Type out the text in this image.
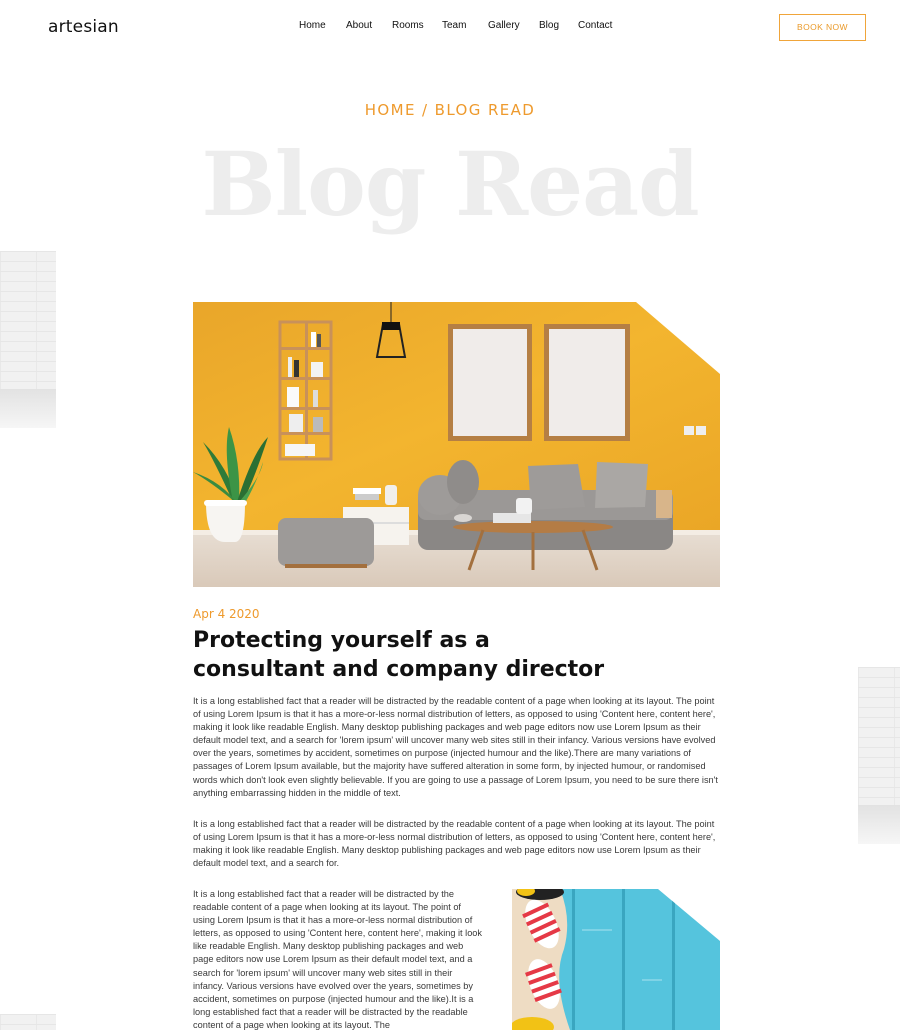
artesian	Home	About	Rooms	Team	Gallery	Blog	Contact	BOOK NOW
HOME / BLOG READ
Blog Read
Apr 4 2020
Protecting yourself as a consultant and company director

It is a long established fact that a reader will be distracted by the readable content of a page when looking at its layout. The point of using Lorem Ipsum is that it has a more-or-less normal distribution of letters, as opposed to using 'Content here, content here', making it look like readable English. Many desktop publishing packages and web page editors now use Lorem Ipsum as their default model text, and a search for 'lorem ipsum' will uncover many web sites still in their infancy. Various versions have evolved over the years, sometimes by accident, sometimes on purpose (injected humour and the like).There are many variations of passages of Lorem Ipsum available, but the majority have suffered alteration in some form, by injected humour, or randomised words which don't look even slightly believable. If you are going to use a passage of Lorem Ipsum, you need to be sure there isn't anything embarrassing hidden in the middle of text.

It is a long established fact that a reader will be distracted by the readable content of a page when looking at its layout. The point of using Lorem Ipsum is that it has a more-or-less normal distribution of letters, as opposed to using 'Content here, content here', making it look like readable English. Many desktop publishing packages and web page editors now use Lorem Ipsum as their default model text, and a search for.

It is a long established fact that a reader will be distracted by the readable content of a page when looking at its layout. The point of using Lorem Ipsum is that it has a more-or-less normal distribution of letters, as opposed to using 'Content here, content here', making it look like readable English. Many desktop publishing packages and web page editors now use Lorem Ipsum as their default model text, and a search for 'lorem ipsum' will uncover many web sites still in their infancy. Various versions have evolved over the years, sometimes by accident, sometimes on purpose (injected humour and the like).It is a long established fact that a reader will be distracted by the readable content of a page when looking at its layout. The
